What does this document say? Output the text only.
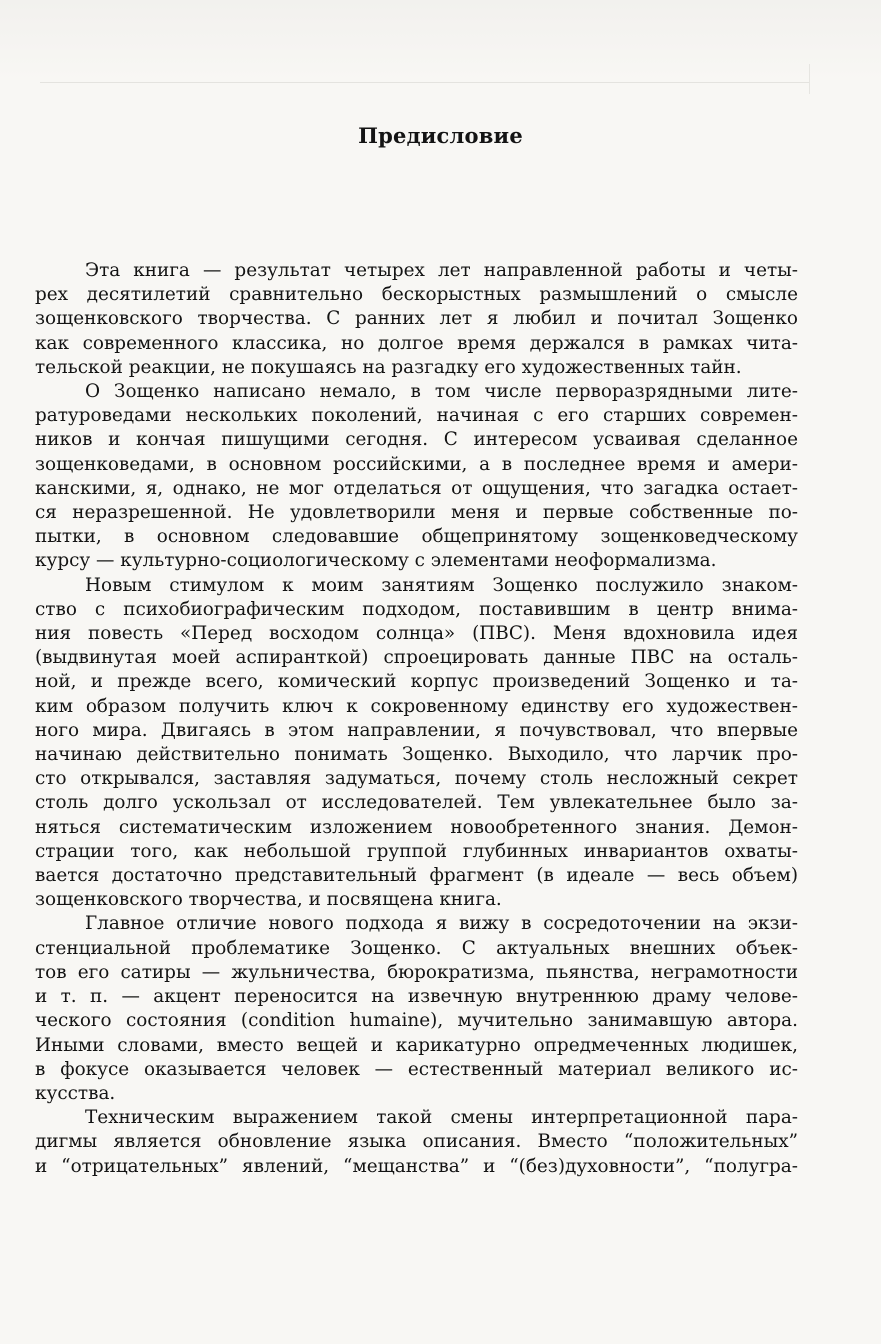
Предисловие

Эта книга — результат четырех лет направленной работы и четы-
рех десятилетий сравнительно бескорыстных размышлений о смысле
зощенковского творчества. С ранних лет я любил и почитал Зощенко
как современного классика, но долгое время держался в рамках чита-
тельской реакции, не покушаясь на разгадку его художественных тайн.

О Зощенко написано немало, в том числе перворазрядными лите-
ратуроведами нескольких поколений, начиная с его старших современ-
ников и кончая пишущими сегодня. С интересом усваивая сделанное
зощенковедами, в основном российскими, а в последнее время и амери-
канскими, я, однако, не мог отделаться от ощущения, что загадка остает-
ся неразрешенной. Не удовлетворили меня и первые собственные по-
пытки, в основном следовавшие общепринятому зощенковедческому
курсу — культурно-социологическому с элементами неоформализма.

Новым стимулом к моим занятиям Зощенко послужило знаком-
ство с психобиографическим подходом, поставившим в центр внима-
ния повесть «Перед восходом солнца» (ПВС). Меня вдохновила идея
(выдвинутая моей аспиранткой) спроецировать данные ПВС на осталь-
ной, и прежде всего, комический корпус произведений Зощенко и та-
ким образом получить ключ к сокровенному единству его художествен-
ного мира. Двигаясь в этом направлении, я почувствовал, что впервые
начинаю действительно понимать Зощенко. Выходило, что ларчик про-
сто открывался, заставляя задуматься, почему столь несложный секрет
столь долго ускользал от исследователей. Тем увлекательнее было за-
няться систематическим изложением новообретенного знания. Демон-
страции того, как небольшой группой глубинных инвариантов охваты-
вается достаточно представительный фрагмент (в идеале — весь объем)
зощенковского творчества, и посвящена книга.

Главное отличие нового подхода я вижу в сосредоточении на экзи-
стенциальной проблематике Зощенко. С актуальных внешних объек-
тов его сатиры — жульничества, бюрократизма, пьянства, неграмотности
и т. п. — акцент переносится на извечную внутреннюю драму челове-
ческого состояния (condition humaine), мучительно занимавшую автора.
Иными словами, вместо вещей и карикатурно опредмеченных людишек,
в фокусе оказывается человек — естественный материал великого ис-
кусства.

Техническим выражением такой смены интерпретационной пара-
дигмы является обновление языка описания. Вместо “положительных”
и “отрицательных” явлений, “мещанства” и “(без)духовности”, “полугра-
